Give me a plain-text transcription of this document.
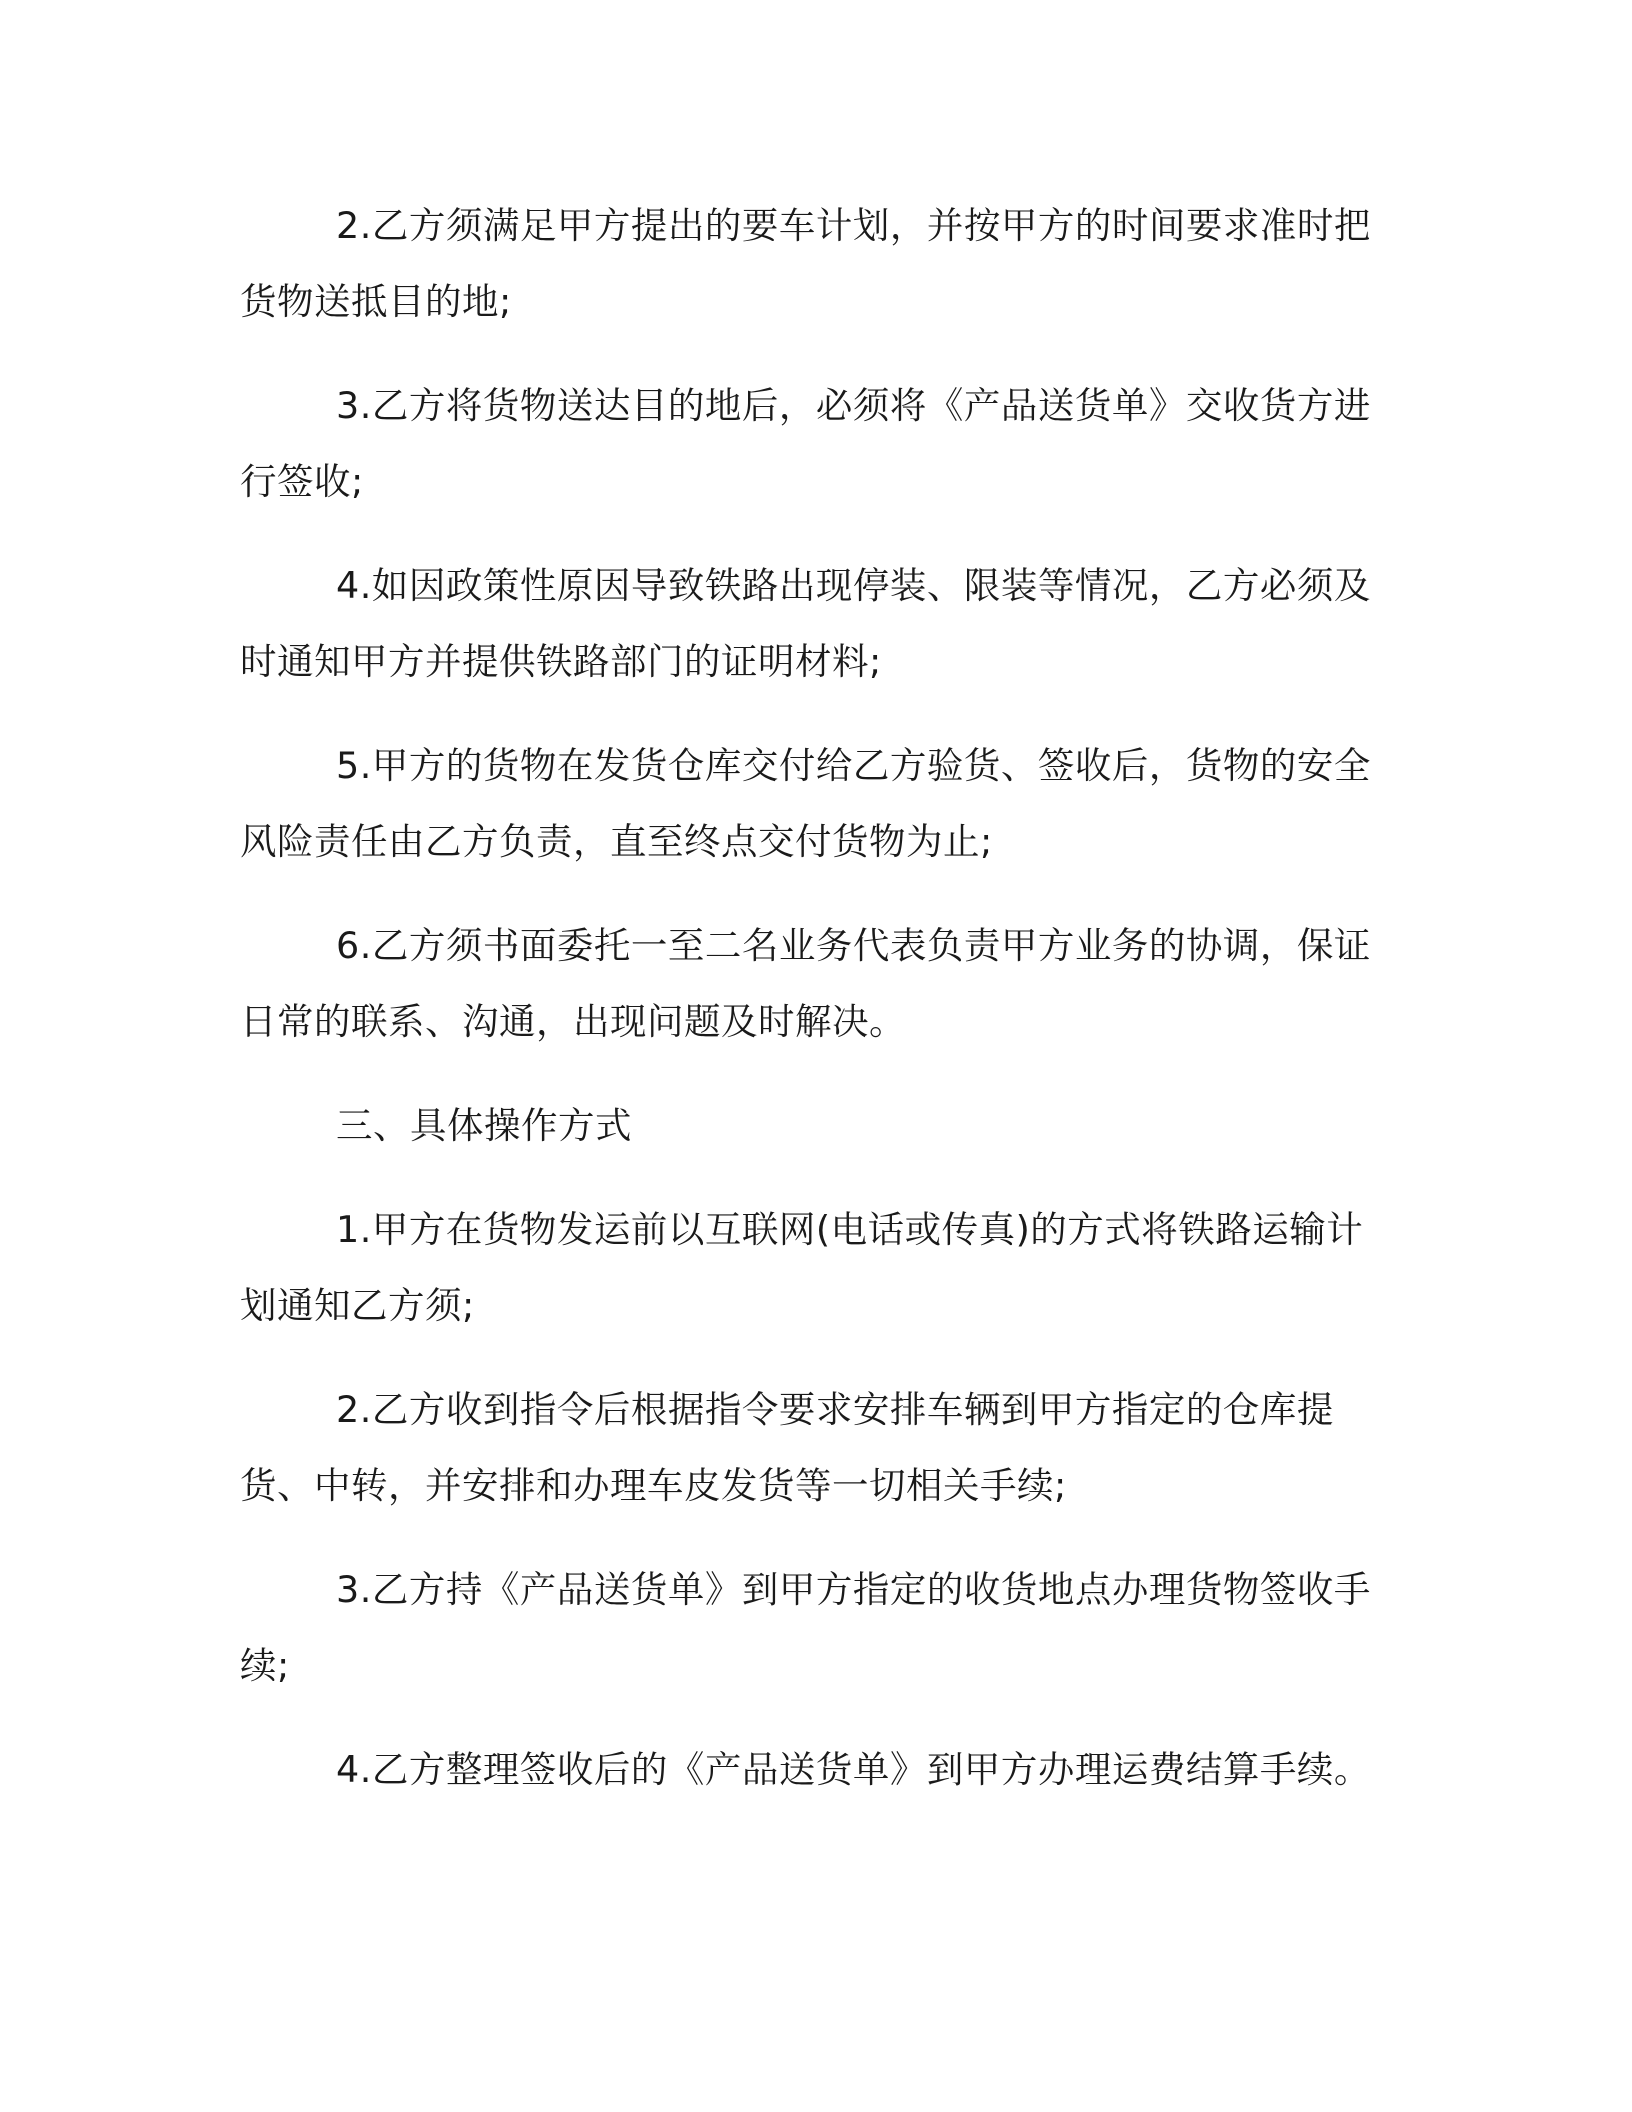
2.乙方须满足甲方提出的要车计划，并按甲方的时间要求准时把货物送抵目的地;

3.乙方将货物送达目的地后，必须将《产品送货单》交收货方进行签收;

4.如因政策性原因导致铁路出现停装、限装等情况，乙方必须及时通知甲方并提供铁路部门的证明材料;

5.甲方的货物在发货仓库交付给乙方验货、签收后，货物的安全风险责任由乙方负责，直至终点交付货物为止;

6.乙方须书面委托一至二名业务代表负责甲方业务的协调，保证日常的联系、沟通，出现问题及时解决。

三、具体操作方式

1.甲方在货物发运前以互联网(电话或传真)的方式将铁路运输计划通知乙方须;

2.乙方收到指令后根据指令要求安排车辆到甲方指定的仓库提货、中转，并安排和办理车皮发货等一切相关手续;

3.乙方持《产品送货单》到甲方指定的收货地点办理货物签收手续;

4.乙方整理签收后的《产品送货单》到甲方办理运费结算手续。
